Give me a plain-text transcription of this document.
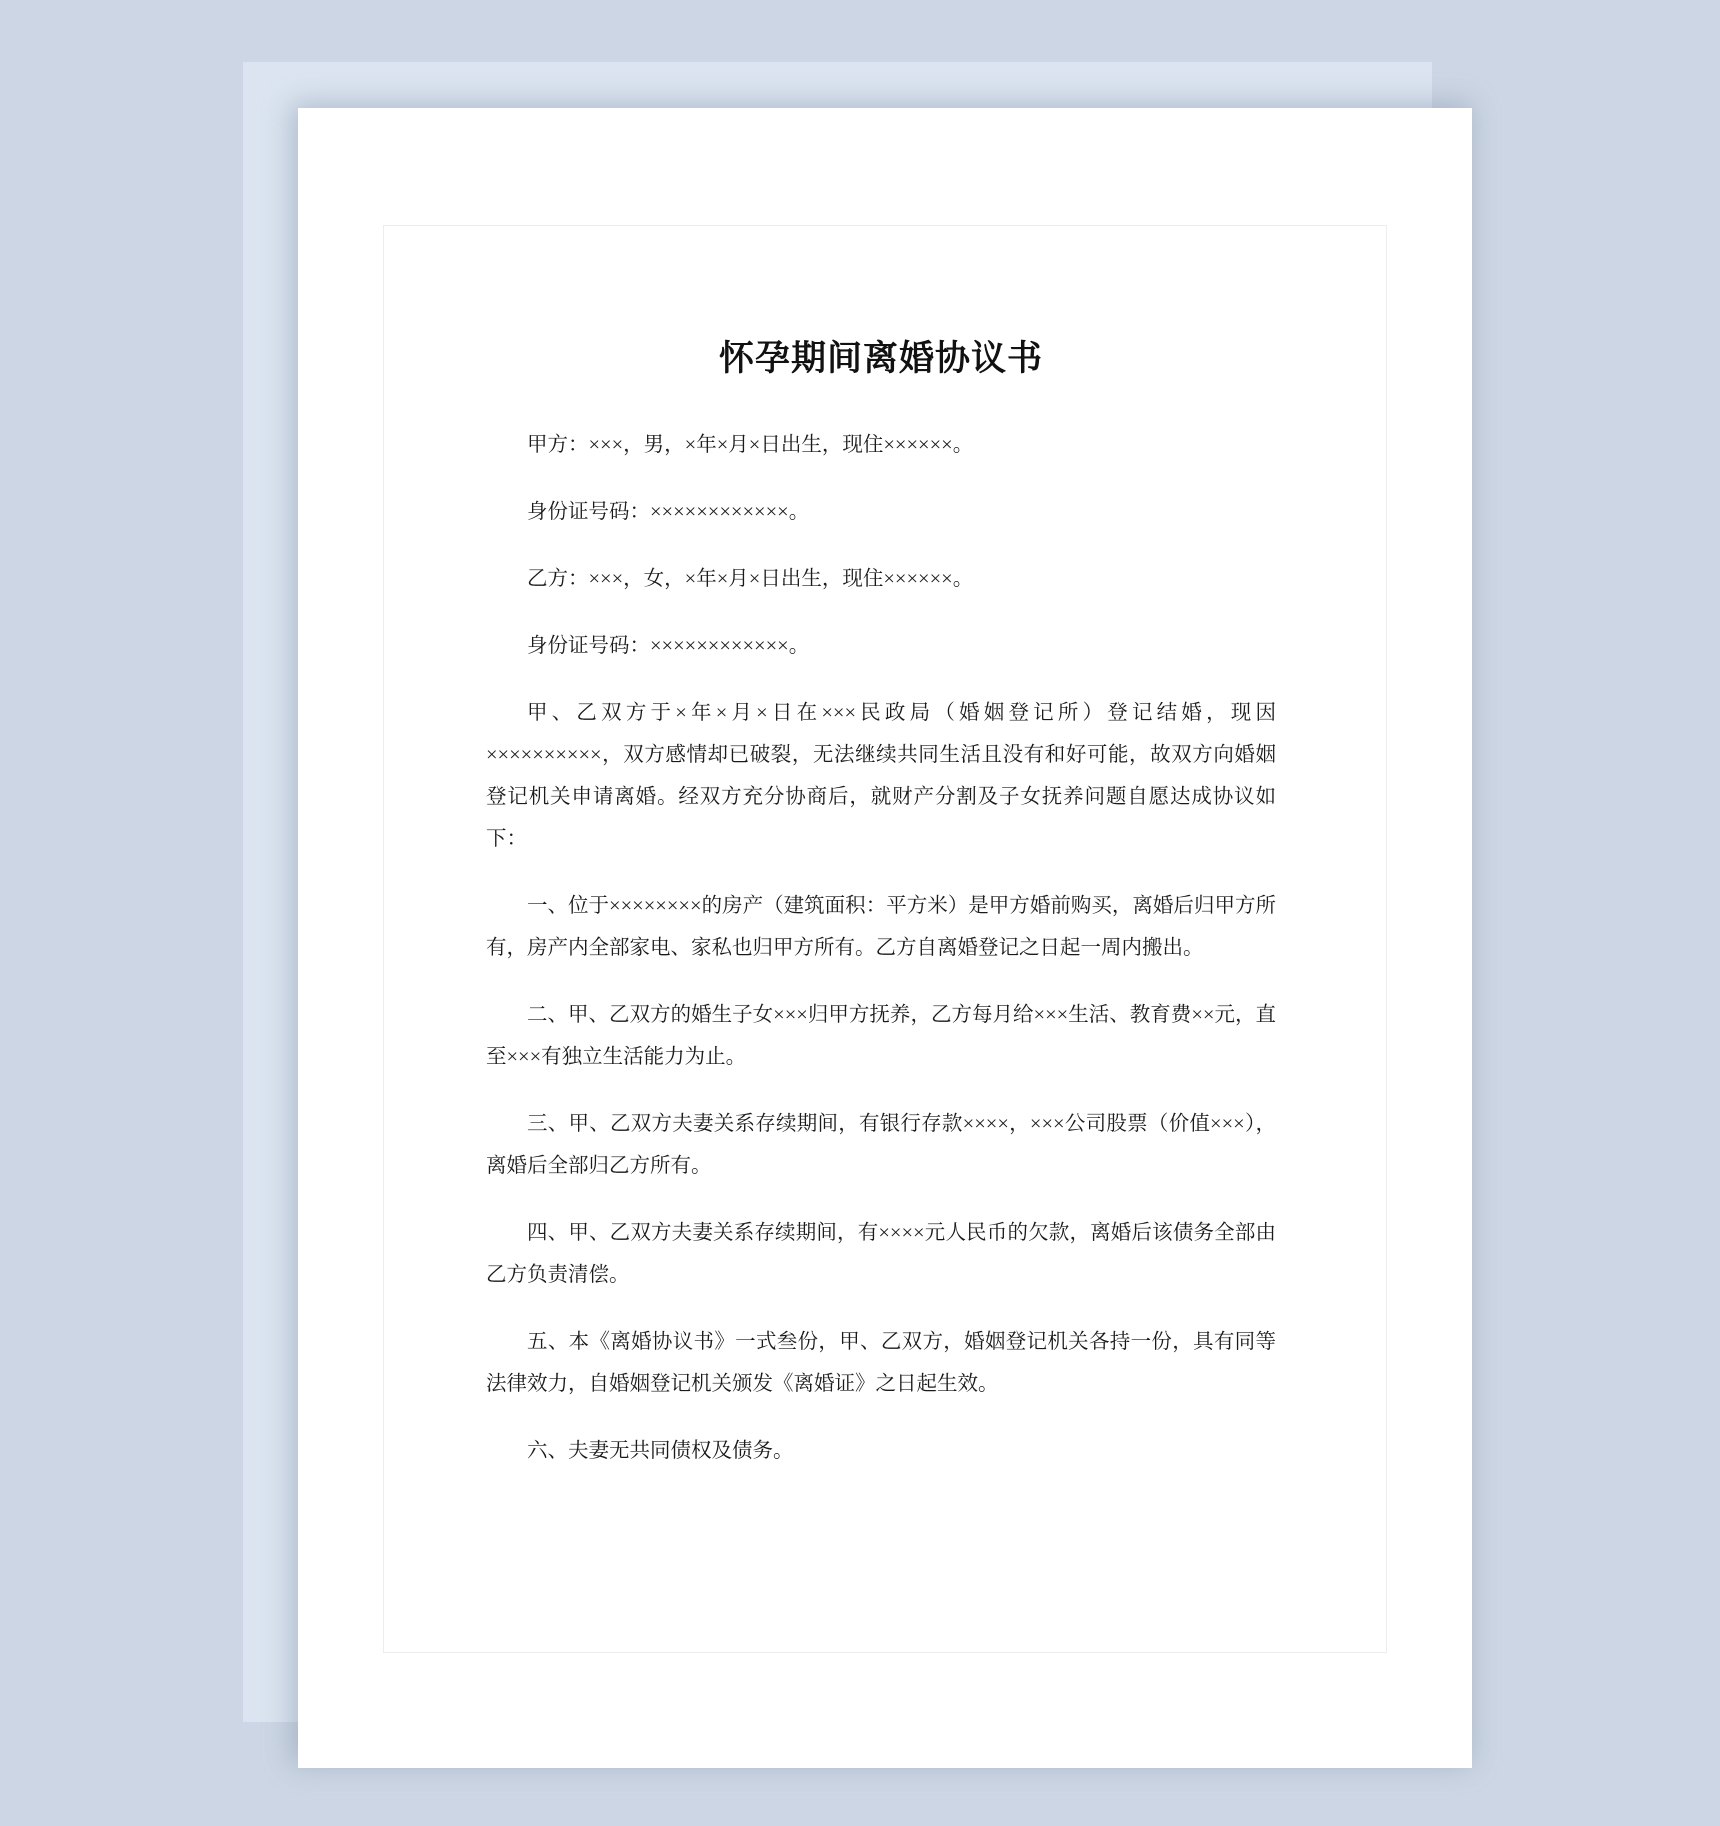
怀孕期间离婚协议书

甲方：×××，男，×年×月×日出生，现住××××××。

身份证号码：××××××××××××。

乙方：×××，女，×年×月×日出生，现住××××××。

身份证号码：××××××××××××。

甲、乙双方于×年×月×日在×××民政局（婚姻登记所）登记结婚，现因××××××××××，双方感情却已破裂，无法继续共同生活且没有和好可能，故双方向婚姻登记机关申请离婚。经双方充分协商后，就财产分割及子女抚养问题自愿达成协议如下：

一、位于××××××××的房产（建筑面积：平方米）是甲方婚前购买，离婚后归甲方所有，房产内全部家电、家私也归甲方所有。乙方自离婚登记之日起一周内搬出。

二、甲、乙双方的婚生子女×××归甲方抚养，乙方每月给×××生活、教育费××元，直至×××有独立生活能力为止。

三、甲、乙双方夫妻关系存续期间，有银行存款××××，×××公司股票（价值×××），离婚后全部归乙方所有。

四、甲、乙双方夫妻关系存续期间，有××××元人民币的欠款，离婚后该债务全部由乙方负责清偿。

五、本《离婚协议书》一式叁份，甲、乙双方，婚姻登记机关各持一份，具有同等法律效力，自婚姻登记机关颁发《离婚证》之日起生效。

六、夫妻无共同债权及债务。
